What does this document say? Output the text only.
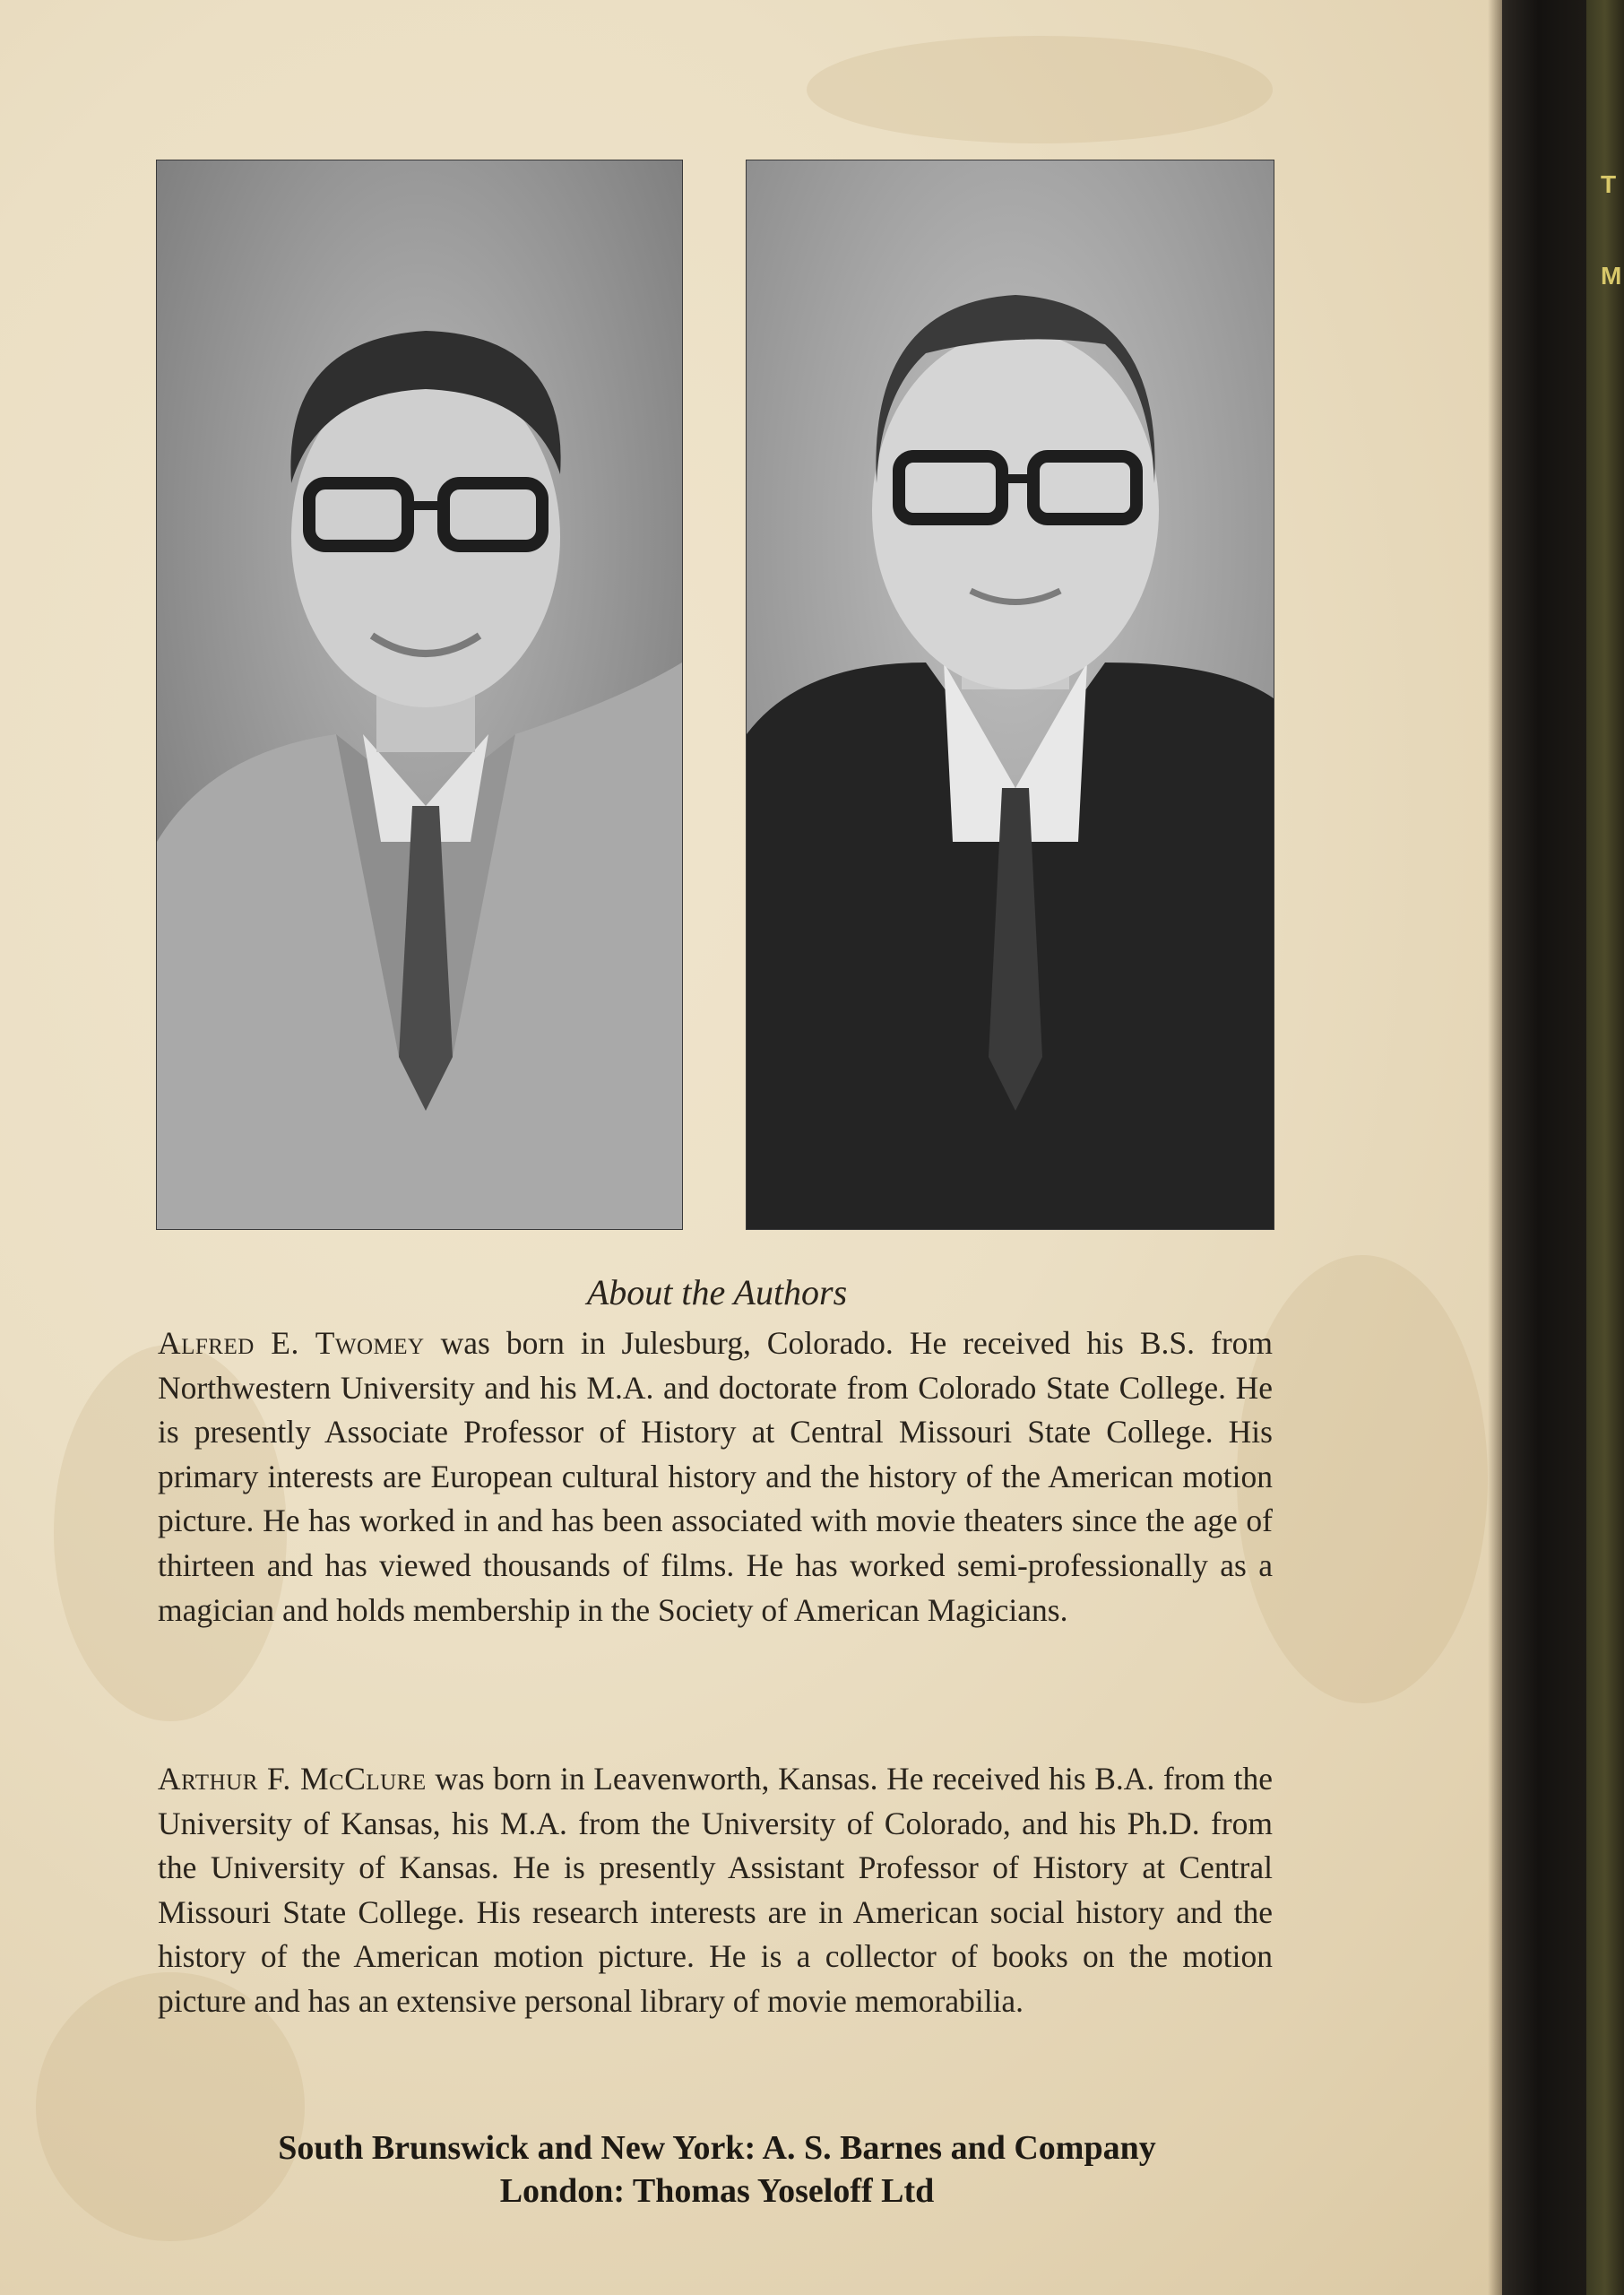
T
M
About the Authors

Alfred E. Twomey was born in Julesburg, Colorado. He received his B.S. from Northwestern University and his M.A. and doctorate from Colorado State College. He is presently Associate Professor of History at Central Missouri State College. His primary interests are European cultural history and the history of the American motion picture. He has worked in and has been associated with movie theaters since the age of thirteen and has viewed thousands of films. He has worked semi-professionally as a magician and holds membership in the Society of American Magicians.

Arthur F. McClure was born in Leavenworth, Kansas. He received his B.A. from the University of Kansas, his M.A. from the University of Colorado, and his Ph.D. from the University of Kansas. He is presently Assistant Professor of History at Central Missouri State College. His research interests are in American social history and the history of the American motion picture. He is a collector of books on the motion picture and has an extensive personal library of movie memorabilia.

South Brunswick and New York: A. S. Barnes and Company
London: Thomas Yoseloff Ltd
